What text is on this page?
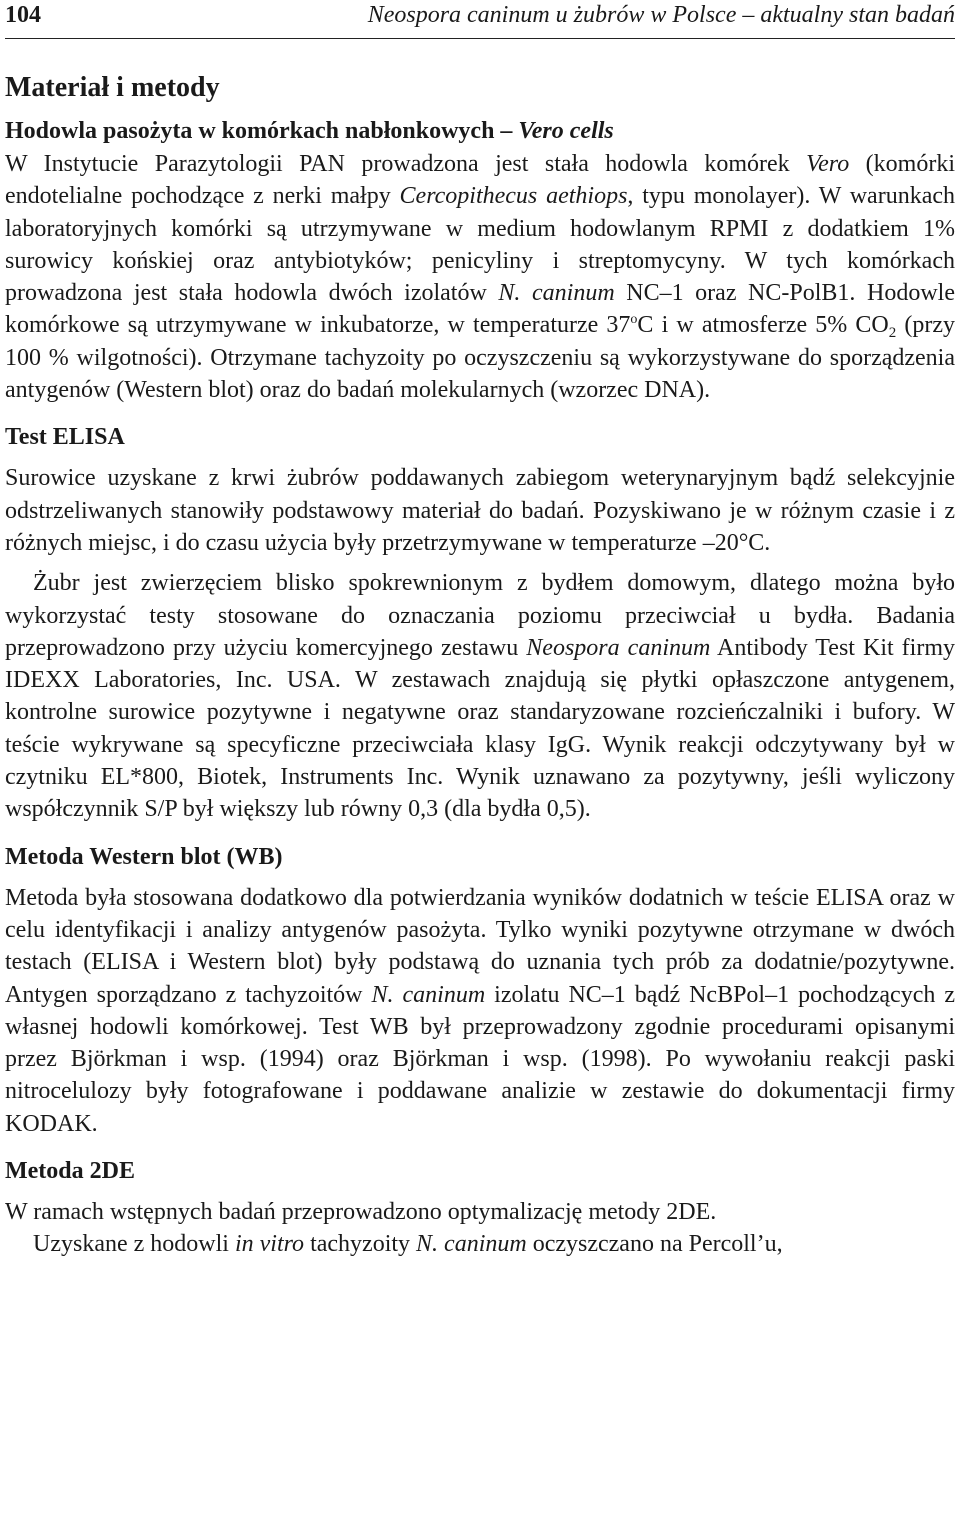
104	Neospora caninum u żubrów w Polsce – aktualny stan badań
Materiał i metody
Hodowla pasożyta w komórkach nabłonkowych – Vero cells

W Instytucie Parazytologii PAN prowadzona jest stała hodowla komórek Vero (komórki endotelialne pochodzące z nerki małpy Cercopithecus aethiops, typu monolayer). W warunkach laboratoryjnych komórki są utrzymywane w medium hodowlanym RPMI z dodatkiem 1% surowicy końskiej oraz antybiotyków; penicyliny i streptomycyny. W tych komórkach prowadzona jest stała hodowla dwóch izolatów N. caninum NC–1 oraz NC-PolB1. Hodowle komórkowe są utrzymywane w inkubatorze, w temperaturze 37$^o$C i w atmosferze 5% $CO_2$ (przy 100 % wilgotności). Otrzymane tachyzoity po oczyszczeniu są wykorzystywane do sporządzenia antygenów (Western blot) oraz do badań molekularnych (wzorzec DNA).

Test ELISA

Surowice uzyskane z krwi żubrów poddawanych zabiegom weterynaryjnym bądź selekcyjnie odstrzeliwanych stanowiły podstawowy materiał do badań. Pozyskiwano je w różnym czasie i z różnych miejsc, i do czasu użycia były przetrzymywane w temperaturze –20°C.

Żubr jest zwierzęciem blisko spokrewnionym z bydłem domowym, dlatego można było wykorzystać testy stosowane do oznaczania poziomu przeciwciał u bydła. Badania przeprowadzono przy użyciu komercyjnego zestawu Neospora caninum Antibody Test Kit firmy IDEXX Laboratories, Inc. USA. W zestawach znajdują się płytki opłaszczone antygenem, kontrolne surowice pozytywne i negatywne oraz standaryzowane rozcieńczalniki i bufory. W teście wykrywane są specyficzne przeciwciała klasy IgG. Wynik reakcji odczytywany był w czytniku EL*800, Biotek, Instruments Inc. Wynik uznawano za pozytywny, jeśli wyliczony współczynnik S/P był większy lub równy 0,3 (dla bydła 0,5).

Metoda Western blot (WB)

Metoda była stosowana dodatkowo dla potwierdzania wyników dodatnich w teście ELISA oraz w celu identyfikacji i analizy antygenów pasożyta. Tylko wyniki pozytywne otrzymane w dwóch testach (ELISA i Western blot) były podstawą do uznania tych prób za dodatnie/pozytywne. Antygen sporządzano z tachyzoitów N. caninum izolatu NC–1 bądź NcBPol–1 pochodzących z własnej hodowli komórkowej. Test WB był przeprowadzony zgodnie procedurami opisanymi przez Björkman i wsp. (1994) oraz Björkman i wsp. (1998). Po wywołaniu reakcji paski nitrocelulozy były fotografowane i poddawane analizie w zestawie do dokumentacji firmy KODAK.

Metoda 2DE

W ramach wstępnych badań przeprowadzono optymalizację metody 2DE.

Uzyskane z hodowli in vitro tachyzoity N. caninum oczyszczano na Percoll’u,
